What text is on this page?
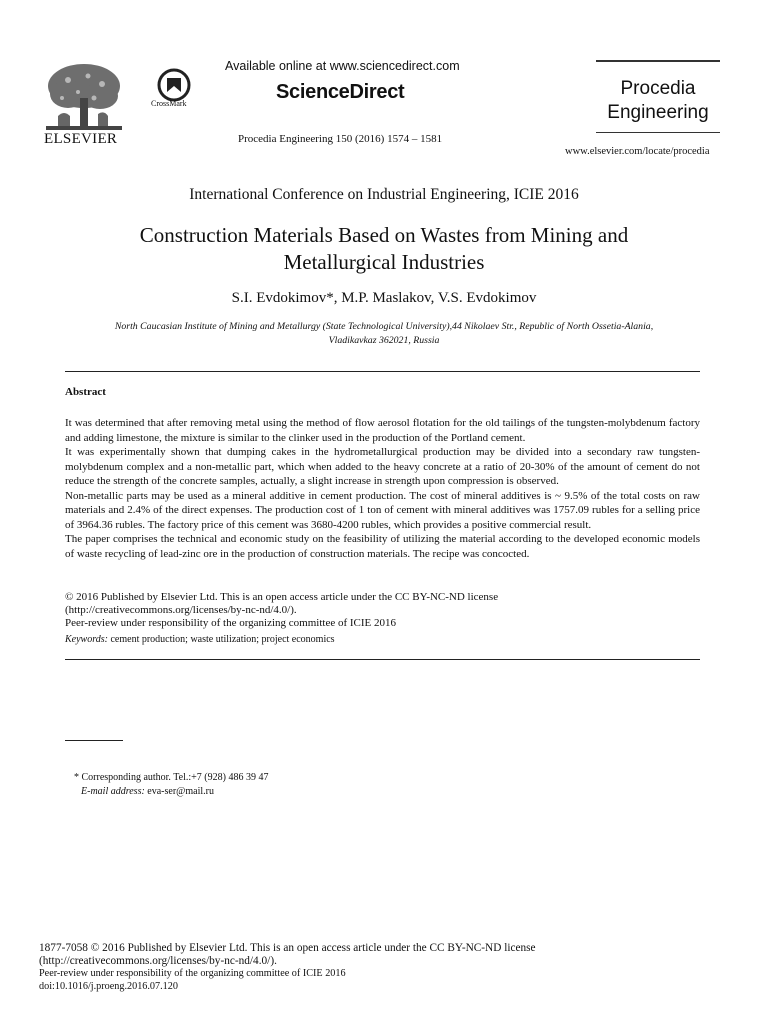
ELSEVIER
CrossMark
Available online at www.sciencedirect.com
ScienceDirect
Procedia Engineering 150 (2016) 1574 – 1581
Procedia
Engineering
www.elsevier.com/locate/procedia
International Conference on Industrial Engineering, ICIE 2016
Construction Materials Based on Wastes from Mining and
Metallurgical Industries
S.I. Evdokimov*, M.P. Maslakov, V.S. Evdokimov
North Caucasian Institute of Mining and Metallurgy (State Technological University),44 Nikolaev Str., Republic of North Ossetia-Alania,
Vladikavkaz 362021, Russia
Abstract

It was determined that after removing metal using the method of flow aerosol flotation for the old tailings of the tungsten-molybdenum factory and adding limestone, the mixture is similar to the clinker used in the production of the Portland cement.

It was experimentally shown that dumping cakes in the hydrometallurgical production may be divided into a secondary raw tungsten-molybdenum complex and a non-metallic part, which when added to the heavy concrete at a ratio of 20-30% of the amount of cement do not reduce the strength of the concrete samples, actually, a slight increase in strength upon compression is observed.

Non-metallic parts may be used as a mineral additive in cement production. The cost of mineral additives is ~ 9.5% of the total costs on raw materials and 2.4% of the direct expenses. The production cost of 1 ton of cement with mineral additives was 1757.09 rubles for a selling price of 3964.36 rubles. The factory price of this cement was 3680-4200 rubles, which provides a positive commercial result.

The paper comprises the technical and economic study on the feasibility of utilizing the material according to the developed economic models of waste recycling of lead-zinc ore in the production of construction materials. The recipe was concocted.

© 2016 Published by Elsevier Ltd. This is an open access article under the CC BY-NC-ND license

(http://creativecommons.org/licenses/by-nc-nd/4.0/).

Peer-review under responsibility of the organizing committee of ICIE 2016

Keywords: cement production; waste utilization; project economics
* Corresponding author. Tel.:+7 (928) 486 39 47
E-mail address: eva-ser@mail.ru
1877-7058 © 2016 Published by Elsevier Ltd. This is an open access article under the CC BY-NC-ND license
(http://creativecommons.org/licenses/by-nc-nd/4.0/).
Peer-review under responsibility of the organizing committee of ICIE 2016
doi:10.1016/j.proeng.2016.07.120
